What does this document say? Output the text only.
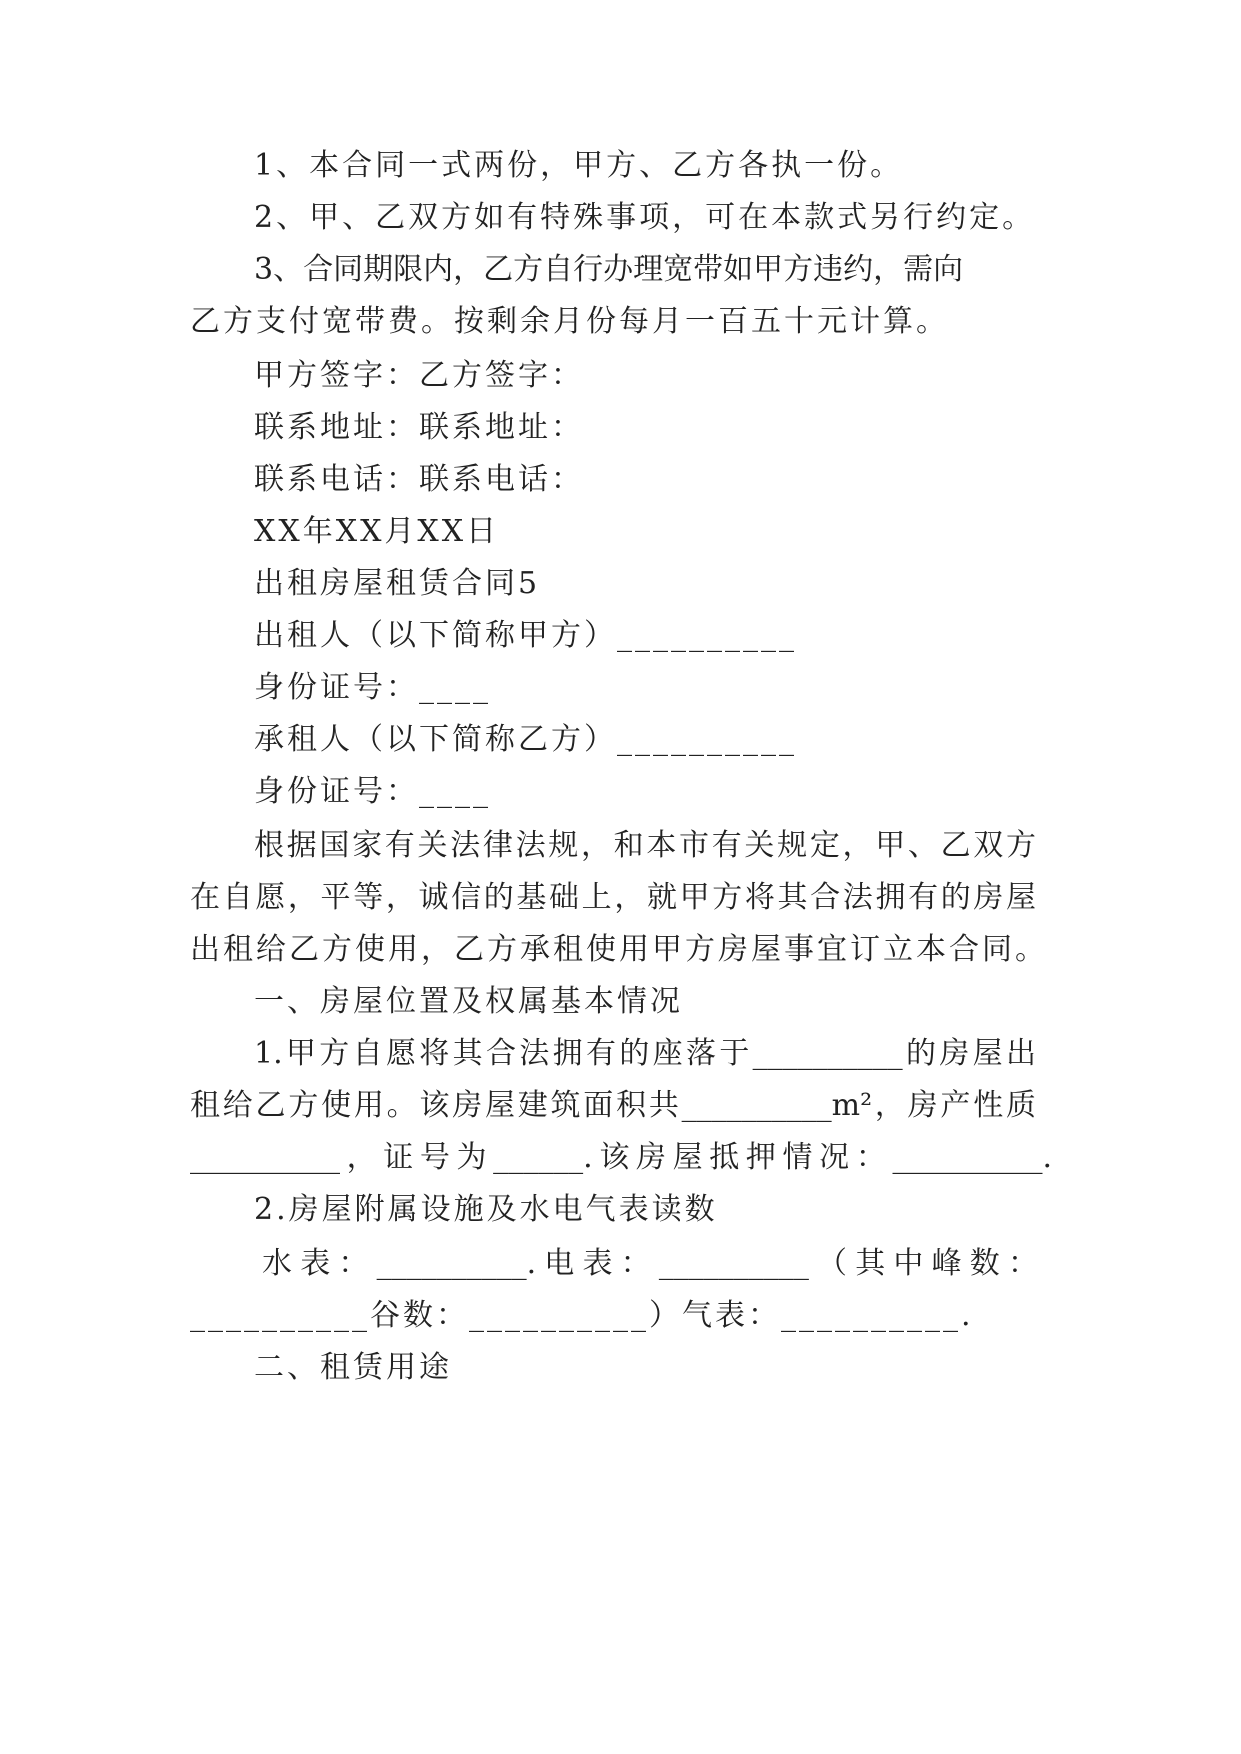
1、本合同一式两份，甲方、乙方各执一份。
2、甲、乙双方如有特殊事项，可在本款式另行约定。
3、合同期限内，乙方自行办理宽带如甲方违约，需向
乙方支付宽带费。按剩余月份每月一百五十元计算。
甲方签字：乙方签字：
联系地址：联系地址：
联系电话：联系电话：
XX年XX月XX日
出租房屋租赁合同5
出租人（以下简称甲方）__________
身份证号：____
承租人（以下简称乙方）__________
身份证号：____
根据国家有关法律法规，和本市有关规定，甲、乙双方
在自愿，平等，诚信的基础上，就甲方将其合法拥有的房屋
出租给乙方使用，乙方承租使用甲方房屋事宜订立本合同。
一、房屋位置及权属基本情况
1.甲方自愿将其合法拥有的座落于__________的房屋出
租给乙方使用。该房屋建筑面积共__________m²，房产性质
__________，证号为______.该房屋抵押情况：__________.
2.房屋附属设施及水电气表读数
水表：__________.电表：__________（其中峰数：
__________谷数：__________）气表：__________.
二、租赁用途
